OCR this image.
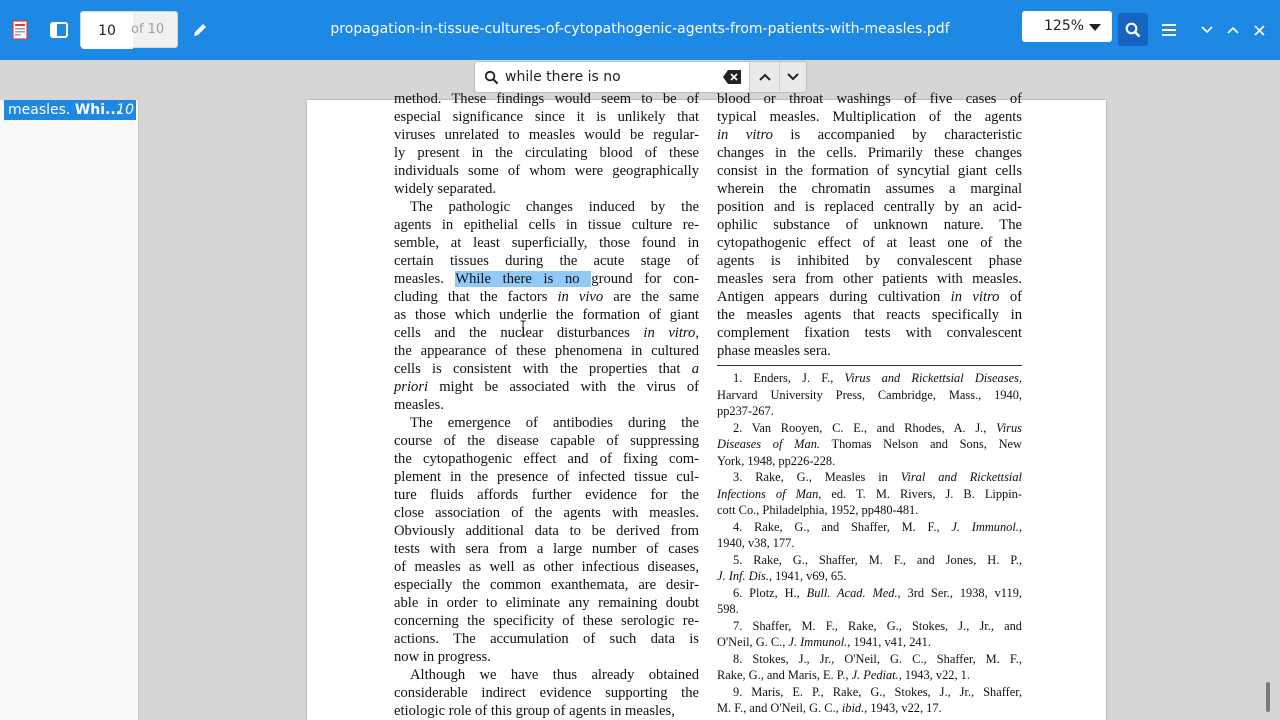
10
of 10	propagation-in-tissue-cultures-of-cytopathogenic-agents-from-patients-with-measles.pdf	125%
while there is no
measles. Whi...
10
method. These findings would seem to be of
especial significance since it is unlikely that
viruses unrelated to measles would be regular-
ly present in the circulating blood of these
individuals some of whom were geographically
widely separated.
The pathologic changes induced by the
agents in epithelial cells in tissue culture re-
semble, at least superficially, those found in
certain tissues during the acute stage of
measles. While there is no ground for con-
cluding that the factors in vivo are the same
as those which underlie the formation of giant
cells and the nuclear disturbances in vitro,
the appearance of these phenomena in cultured
cells is consistent with the properties that a
priori might be associated with the virus of
measles.
The emergence of antibodies during the
course of the disease capable of suppressing
the cytopathogenic effect and of fixing com-
plement in the presence of infected tissue cul-
ture fluids affords further evidence for the
close association of the agents with measles.
Obviously additional data to be derived from
tests with sera from a large number of cases
of measles as well as other infectious diseases,
especially the common exanthemata, are desir-
able in order to eliminate any remaining doubt
concerning the specificity of these serologic re-
actions. The accumulation of such data is
now in progress.
Although we have thus already obtained
considerable indirect evidence supporting the
etiologic role of this group of agents in measles,
blood or throat washings of five cases of
typical measles. Multiplication of the agents
in vitro is accompanied by characteristic
changes in the cells. Primarily these changes
consist in the formation of syncytial giant cells
wherein the chromatin assumes a marginal
position and is replaced centrally by an acid-
ophilic substance of unknown nature. The
cytopathogenic effect of at least one of the
agents is inhibited by convalescent phase
measles sera from other patients with measles.
Antigen appears during cultivation in vitro of
the measles agents that reacts specifically in
complement fixation tests with convalescent
phase measles sera.
1. Enders, J. F., Virus and Rickettsial Diseases,
Harvard University Press, Cambridge, Mass., 1940,
pp237-267.
2. Van Rooyen, C. E., and Rhodes, A. J., Virus
Diseases of Man. Thomas Nelson and Sons, New
York, 1948, pp226-228.
3. Rake, G., Measles in Viral and Rickettsial
Infections of Man, ed. T. M. Rivers, J. B. Lippin-
cott Co., Philadelphia, 1952, pp480-481.
4. Rake, G., and Shaffer, M. F., J. Immunol.,
1940, v38, 177.
5. Rake, G., Shaffer, M. F., and Jones, H. P.,
J. Inf. Dis., 1941, v69, 65.
6. Plotz, H., Bull. Acad. Med., 3rd Ser., 1938, v119,
598.
7. Shaffer, M. F., Rake, G., Stokes, J., Jr., and
O'Neil, G. C., J. Immunol., 1941, v41, 241.
8. Stokes, J., Jr., O'Neil, G. C., Shaffer, M. F.,
Rake, G., and Maris, E. P., J. Pediat., 1943, v22, 1.
9. Maris, E. P., Rake, G., Stokes, J., Jr., Shaffer,
M. F., and O'Neil, G. C., ibid., 1943, v22, 17.
